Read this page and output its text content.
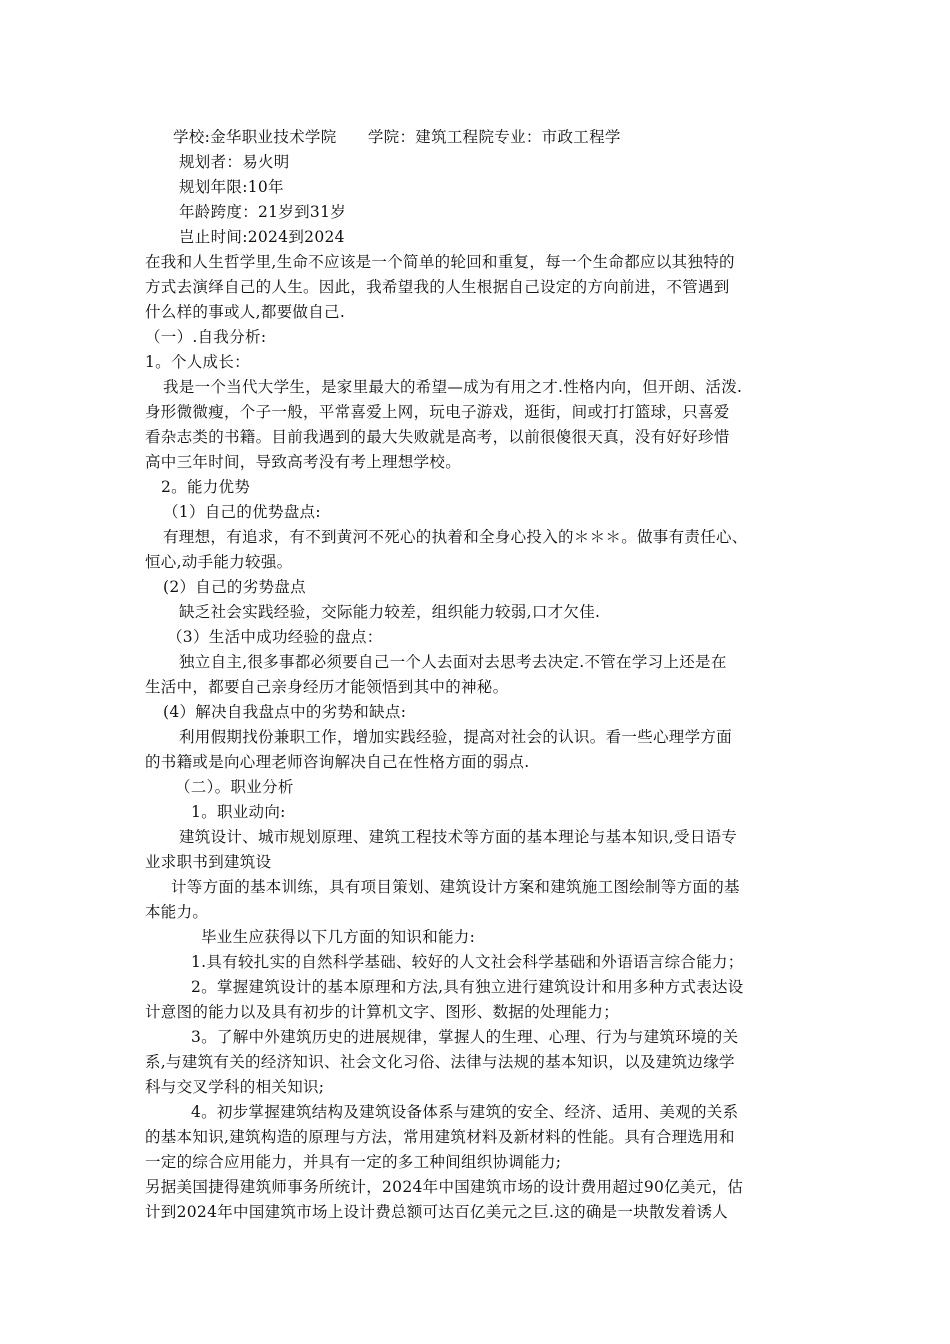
学校:金华职业技术学院      学院：建筑工程院专业：市政工程学
规划者：易火明
规划年限:10年
年龄跨度：21岁到31岁
岂止时间:2024到2024
在我和人生哲学里,生命不应该是一个简单的轮回和重复，每一个生命都应以其独特的
方式去演绎自己的人生。因此，我希望我的人生根据自己设定的方向前进，不管遇到
什么样的事或人,都要做自己.
（一）.自我分析:
1。个人成长：
我是一个当代大学生，是家里最大的希望—成为有用之才.性格内向，但开朗、活泼.
身形微微瘦，个子一般，平常喜爱上网，玩电子游戏，逛街，间或打打篮球，只喜爱
看杂志类的书籍。目前我遇到的最大失败就是高考，以前很傻很天真，没有好好珍惜
高中三年时间，导致高考没有考上理想学校。
2。能力优势
（1）自己的优势盘点:
有理想，有追求，有不到黄河不死心的执着和全身心投入的＊＊＊。做事有责任心、
恒心,动手能力较强。
(2）自己的劣势盘点
缺乏社会实践经验，交际能力较差，组织能力较弱,口才欠佳.
（3）生活中成功经验的盘点：
独立自主,很多事都必须要自己一个人去面对去思考去决定.不管在学习上还是在
生活中，都要自己亲身经历才能领悟到其中的神秘。
(4）解决自我盘点中的劣势和缺点:
利用假期找份兼职工作，增加实践经验，提高对社会的认识。看一些心理学方面
的书籍或是向心理老师咨询解决自己在性格方面的弱点.
（二）。职业分析
1。职业动向:
建筑设计、城市规划原理、建筑工程技术等方面的基本理论与基本知识,受日语专
业求职书到建筑设
计等方面的基本训练，具有项目策划、建筑设计方案和建筑施工图绘制等方面的基
本能力。
毕业生应获得以下几方面的知识和能力:
1.具有较扎实的自然科学基础、较好的人文社会科学基础和外语语言综合能力；
2。掌握建筑设计的基本原理和方法,具有独立进行建筑设计和用多种方式表达设
计意图的能力以及具有初步的计算机文字、图形、数据的处理能力；
3。了解中外建筑历史的进展规律，掌握人的生理、心理、行为与建筑环境的关
系,与建筑有关的经济知识、社会文化习俗、法律与法规的基本知识，以及建筑边缘学
科与交叉学科的相关知识;
4。初步掌握建筑结构及建筑设备体系与建筑的安全、经济、适用、美观的关系
的基本知识,建筑构造的原理与方法，常用建筑材料及新材料的性能。具有合理选用和
一定的综合应用能力，并具有一定的多工种间组织协调能力;
另据美国捷得建筑师事务所统计，2024年中国建筑市场的设计费用超过90亿美元，估
计到2024年中国建筑市场上设计费总额可达百亿美元之巨.这的确是一块散发着诱人
